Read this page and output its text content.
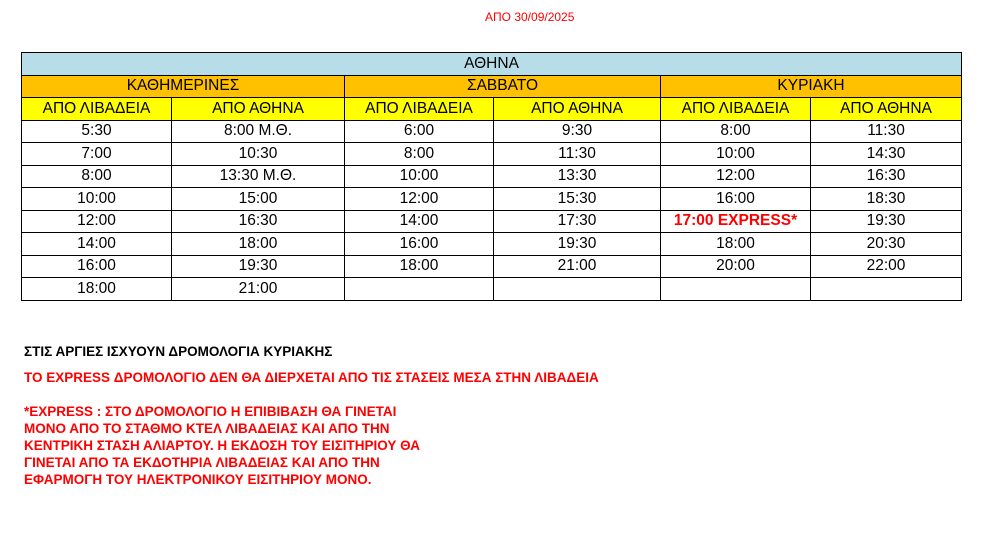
ΑΠΟ 30/09/2025
ΑΘΗΝΑ					
ΚΑΘΗΜΕΡΙΝΕΣ		ΣΑΒΒΑΤΟ		ΚΥΡΙΑΚΗ	
ΑΠΟ ΛΙΒΑΔΕΙΑ	ΑΠΟ ΑΘΗΝΑ	ΑΠΟ ΛΙΒΑΔΕΙΑ	ΑΠΟ ΑΘΗΝΑ	ΑΠΟ ΛΙΒΑΔΕΙΑ	ΑΠΟ ΑΘΗΝΑ
5:30	8:00 Μ.Θ.	6:00	9:30	8:00	11:30
7:00	10:30	8:00	11:30	10:00	14:30
8:00	13:30 Μ.Θ.	10:00	13:30	12:00	16:30
10:00	15:00	12:00	15:30	16:00	18:30
12:00	16:30	14:00	17:30	17:00 EXPRESS*	19:30
14:00	18:00	16:00	19:30	18:00	20:30
16:00	19:30	18:00	21:00	20:00	22:00
18:00	21:00				
ΣΤΙΣ ΑΡΓΙΕΣ ΙΣΧΥΟΥΝ ΔΡΟΜΟΛΟΓΙΑ ΚΥΡΙΑΚΗΣ
ΤΟ EXPRESS ΔΡΟΜΟΛΟΓΙΟ ΔΕΝ ΘΑ ΔΙΕΡΧΕΤΑΙ ΑΠΟ ΤΙΣ ΣΤΑΣΕΙΣ ΜΕΣΑ ΣΤΗΝ ΛΙΒΑΔΕΙΑ
*EXPRESS : ΣΤΟ ΔΡΟΜΟΛΟΓΙΟ Η ΕΠΙΒΙΒΑΣΗ ΘΑ ΓΙΝΕΤΑΙ
ΜΟΝΟ ΑΠΟ ΤΟ ΣΤΑΘΜΟ ΚΤΕΛ ΛΙΒΑΔΕΙΑΣ ΚΑΙ ΑΠΟ ΤΗΝ
ΚΕΝΤΡΙΚΗ ΣΤΑΣΗ ΑΛΙΑΡΤΟΥ. Η ΕΚΔΟΣΗ ΤΟΥ ΕΙΣΙΤΗΡΙΟΥ ΘΑ
ΓΙΝΕΤΑΙ ΑΠΟ ΤΑ ΕΚΔΟΤΗΡΙΑ ΛΙΒΑΔΕΙΑΣ ΚΑΙ ΑΠΟ ΤΗΝ
ΕΦΑΡΜΟΓΗ ΤΟΥ ΗΛΕΚΤΡΟΝΙΚΟΥ ΕΙΣΙΤΗΡΙΟΥ ΜΟΝΟ.
